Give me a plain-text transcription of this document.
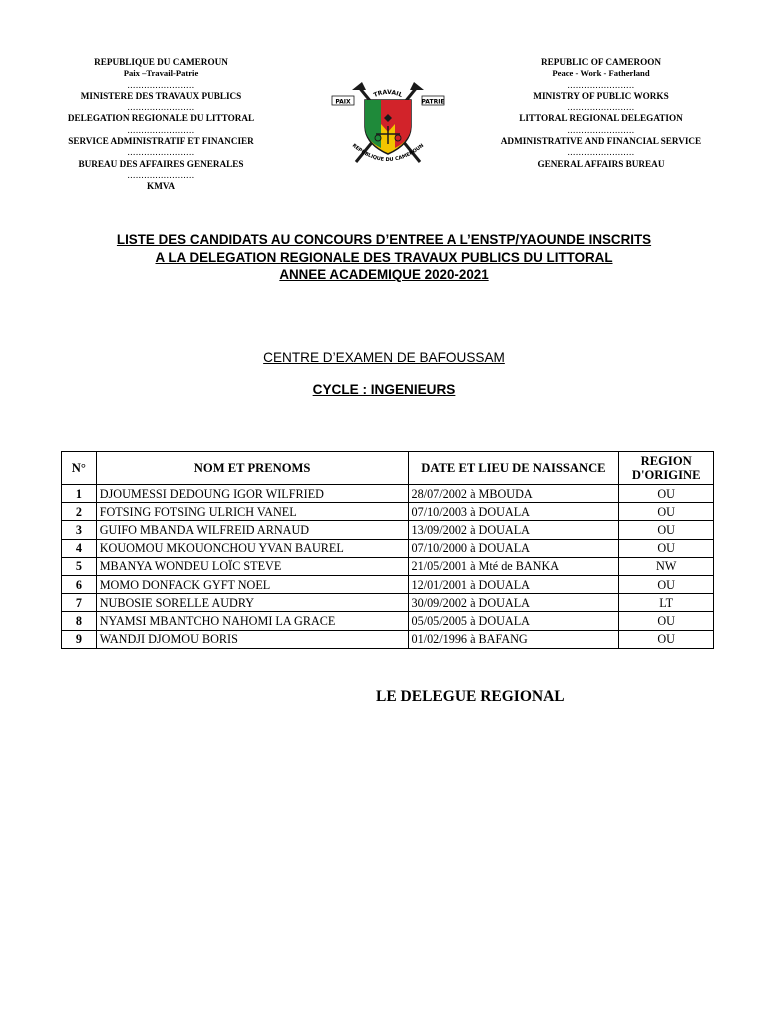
REPUBLIQUE DU CAMEROUN
Paix –Travail-Patrie
........................
MINISTERE DES TRAVAUX PUBLICS
........................
DELEGATION REGIONALE DU LITTORAL
........................
SERVICE ADMINISTRATIF ET FINANCIER
........................
BUREAU DES AFFAIRES GENERALES
........................
KMVA
REPUBLIC OF CAMEROON
Peace - Work - Fatherland
........................
MINISTRY OF PUBLIC WORKS
........................
LITTORAL REGIONAL DELEGATION
........................
ADMINISTRATIVE AND FINANCIAL SERVICE
........................
GENERAL AFFAIRS BUREAU
PAIX	PATRIE
TRAVAIL
REPUBLIQUE DU CAMEROUN
LISTE DES CANDIDATS AU CONCOURS D’ENTREE A L’ENSTP/YAOUNDE INSCRITS
A LA DELEGATION REGIONALE DES TRAVAUX PUBLICS DU LITTORAL
ANNEE ACADEMIQUE 2020-2021
CENTRE D’EXAMEN DE BAFOUSSAM
CYCLE : INGENIEURS
N°	NOM ET PRENOMS	DATE ET LIEU DE NAISSANCE	REGION D'ORIGINE
1	DJOUMESSI DEDOUNG IGOR WILFRIED	28/07/2002 à MBOUDA	OU
2	FOTSING FOTSING ULRICH VANEL	07/10/2003 à DOUALA	OU
3	GUIFO MBANDA WILFREID ARNAUD	13/09/2002 à DOUALA	OU
4	KOUOMOU MKOUONCHOU YVAN BAUREL	07/10/2000 à DOUALA	OU
5	MBANYA WONDEU LOÏC STEVE	21/05/2001 à Mté de BANKA	NW
6	MOMO DONFACK GYFT NOEL	12/01/2001 à DOUALA	OU
7	NUBOSIE SORELLE AUDRY	30/09/2002 à DOUALA	LT
8	NYAMSI MBANTCHO NAHOMI LA GRACE	05/05/2005 à DOUALA	OU
9	WANDJI DJOMOU BORIS	01/02/1996 à BAFANG	OU
LE DELEGUE REGIONAL
